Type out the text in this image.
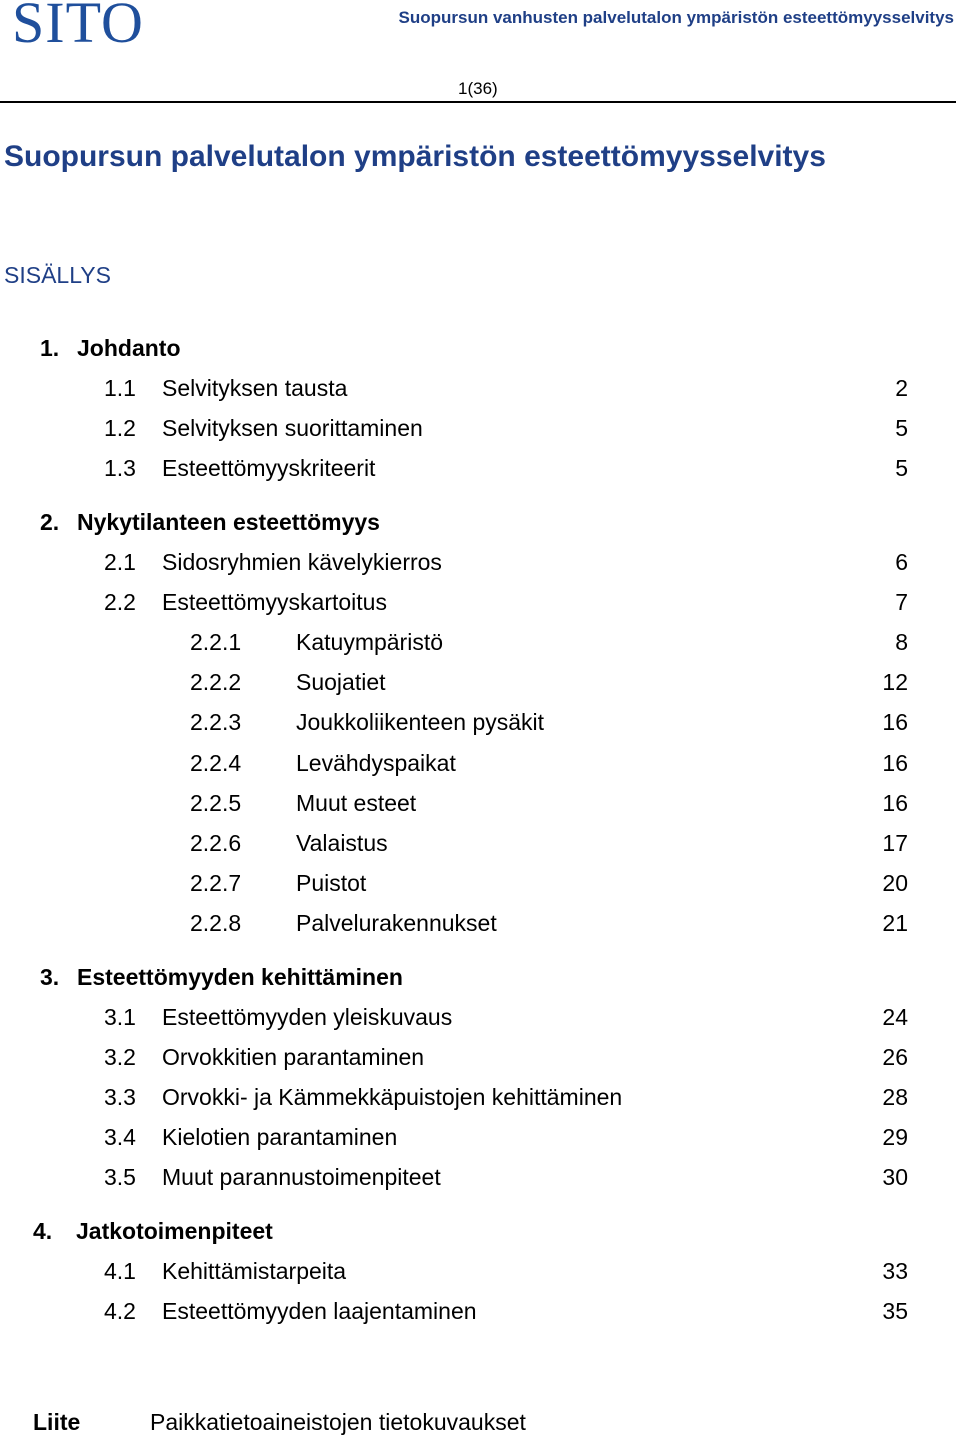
SITO	Suopursun vanhusten palvelutalon ympäristön esteettömyysselvitys
1(36)
Suopursun palvelutalon ympäristön esteettömyysselvitys
SISÄLLYS
1. Johdanto
1.1 Selvityksen tausta	2
1.2 Selvityksen suorittaminen	5
1.3 Esteettömyyskriteerit	5
2. Nykytilanteen esteettömyys
2.1 Sidosryhmien kävelykierros	6
2.2 Esteettömyyskartoitus	7
2.2.1 Katuympäristö	8
2.2.2 Suojatiet	12
2.2.3 Joukkoliikenteen pysäkit	16
2.2.4 Levähdyspaikat	16
2.2.5 Muut esteet	16
2.2.6 Valaistus	17
2.2.7 Puistot	20
2.2.8 Palvelurakennukset	21
3. Esteettömyyden kehittäminen
3.1 Esteettömyyden yleiskuvaus	24
3.2 Orvokkitien parantaminen	26
3.3 Orvokki- ja Kämmekkäpuistojen kehittäminen	28
3.4 Kielotien parantaminen	29
3.5 Muut parannustoimenpiteet	30
4. Jatkotoimenpiteet
4.1 Kehittämistarpeita	33
4.2 Esteettömyyden laajentaminen	35
Liite	Paikkatietoaineistojen tietokuvaukset
